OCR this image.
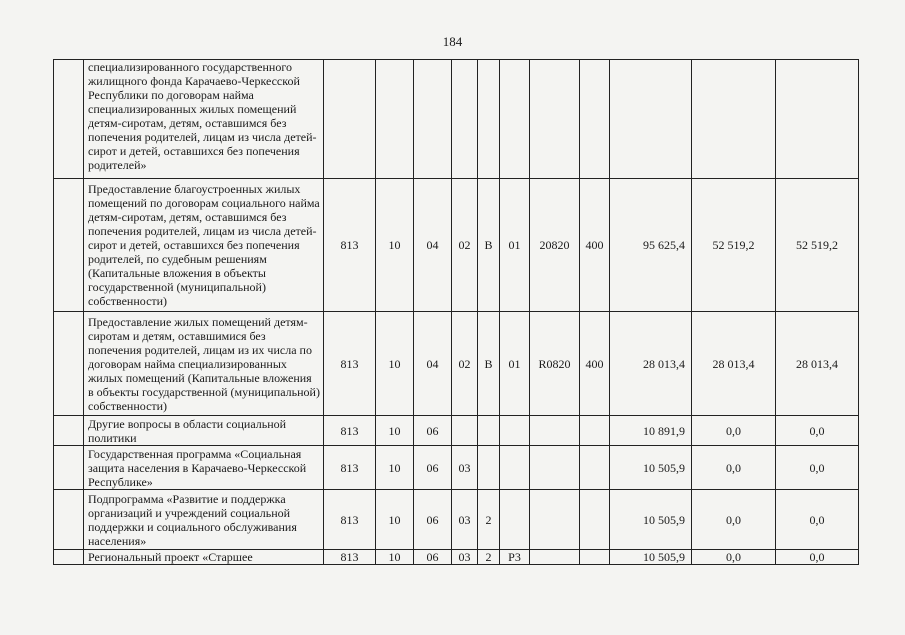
184
	специализированного государственного жилищного фонда Карачаево-Черкесской Республики по договорам найма специализированных жилых помещений детям-сиротам, детям, оставшимся без попечения родителей, лицам из числа детей-сирот и детей, оставшихся без попечения родителей»											
	Предоставление благоустроенных жилых помещений по договорам социального найма детям-сиротам, детям, оставшимся без попечения родителей, лицам из числа детей-сирот и детей, оставшихся без попечения родителей, по судебным решениям (Капитальные вложения в объекты государственной (муниципальной) собственности)	813	10	04	02	В	01	20820	400	95 625,4	52 519,2	52 519,2
	Предоставление жилых помещений детям-сиротам и детям, оставшимися без попечения родителей, лицам из их числа по договорам найма специализированных жилых помещений (Капитальные вложения в объекты государственной (муниципальной) собственности)	813	10	04	02	В	01	R0820	400	28 013,4	28 013,4	28 013,4
	Другие вопросы в области социальной политики	813	10	06						10 891,9	0,0	0,0
	Государственная программа «Социальная защита населения в Карачаево-Черкесской Республике»	813	10	06	03					10 505,9	0,0	0,0
	Подпрограмма «Развитие и поддержка организаций и учреждений социальной поддержки и социального обслуживания населения»	813	10	06	03	2				10 505,9	0,0	0,0
	Региональный проект «Старшее	813	10	06	03	2	Р3			10 505,9	0,0	0,0
